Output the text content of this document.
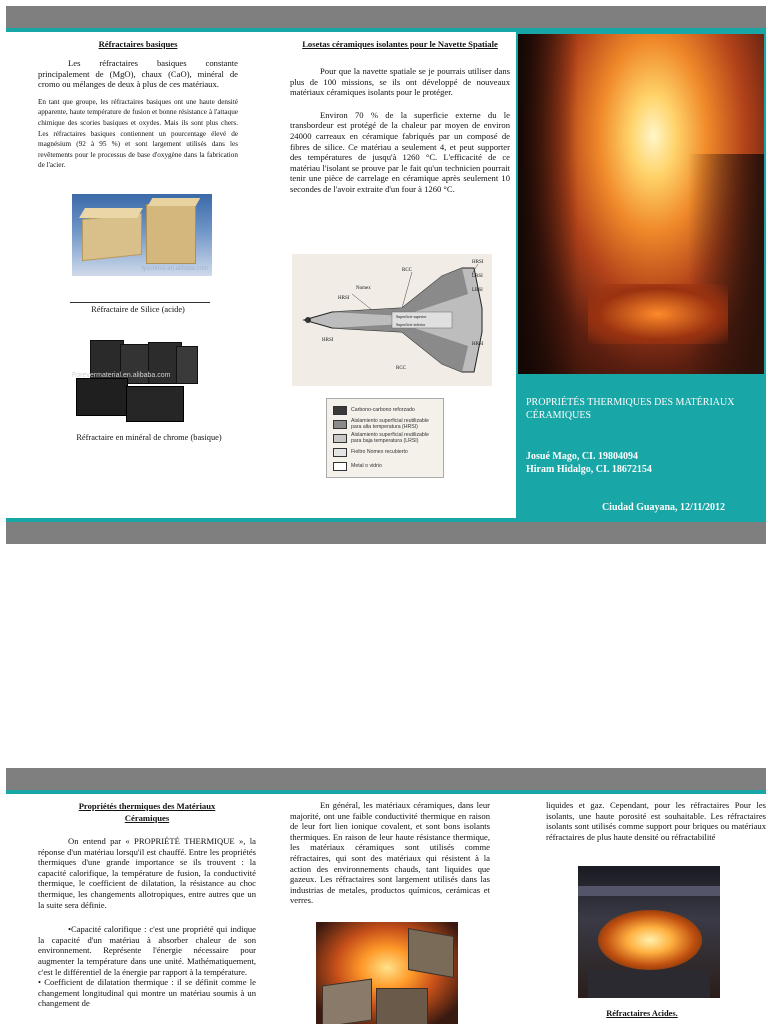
Réfractaires basiques

Les réfractaires basiques constante principalement de (MgO), chaux (CaO), minéral de cromo ou mélanges de deux à plus de ces matériaux.

En tant que groupe, les réfractaires basiques ont une haute densité apparente, haute température de fusion et bonne résistance à l'attaque chimique des scories basiques et oxydes. Mais ils sont plus chers. Les réfractaires basiques contiennent un pourcentage élevé de magnésium (92 à 95 %) et sont largement utilisés dans les revêtements pour le processus de base d'oxygène dans la fabrication de l'acier.

tysunrise.en.alibaba.com
Réfractaire de Silice (acide)
Forevermaterial.en.alibaba.com
Réfractaire en minéral de chrome (basique)
Losetas céramiques isolantes pour le Navette Spatiale

Pour que la navette spatiale se je pourrais utiliser dans plus de 100 missions, se ils ont développé de nouveaux matériaux céramiques isolants pour le protéger.

Environ 70 % de la superficie externe du le transbordeur est protégé de la chaleur par moyen de environ 24000 carreaux en céramique fabriqués par un composé de fibres de silice. Ce matériau a seulement 4, et peut supporter des températures de jusqu'à 1260 °C. L'efficacité de ce matériau l'isolant se prouve par le fait qu'un technicien pourrait tenir une pièce de carrelage en céramique après seulement 10 secondes de l'avoir extraite d'un four à 1260 °C.

RCC
HRSI
LRSI
Nomex
HRSI
LRSI
Superficie superior
Superficie inferior
HRSI
RCC
HRSI
Carbono-carbono reforzado
Aislamiento superficial reutilizable para alta temperatura (HRSI)
Aislamiento superficial reutilizable para baja temperatura (LRSI)
Fieltro Nomex recubierto
Metal o vidrio
PROPRIÉTÉS THERMIQUES DES MATÉRIAUX CÉRAMIQUES
Josué Mago, CI. 19804094
Hiram Hidalgo, CI. 18672154
Ciudad Guayana, 12/11/2012
Propriétés thermiques des Matériaux Céramiques

On entend par « PROPRIÉTÉ THERMIQUE », la réponse d'un matériau lorsqu'il est chauffé. Entre les propriétés thermiques d'une grande importance se ils trouvent : la capacité calorifique, la température de fusion, la conductivité thermique, le coefficient de dilatation, la résistance au choc thermique, les changements allotropiques, entre autres que un la suite sera définie.

•Capacité calorifique : c'est une propriété qui indique la capacité d'un matériau à absorber chaleur de son environnement. Représente l'énergie nécessaire pour augmenter la température dans une unité. Mathématiquement, c'est le différentiel de la énergie par rapport à la température.

• Coefficient de dilatation thermique : il se définit comme le changement longitudinal qui montre un matériau soumis à un changement de

En général, les matériaux céramiques, dans leur majorité, ont une faible conductivité thermique en raison de leur fort lien ionique covalent, et sont bons isolants thermiques. En raison de leur haute résistance thermique, les matériaux céramiques sont utilisés comme réfractaires, qui sont des matériaux qui résistent à la action des environnements chauds, tant liquides que gazeux. Les réfractaires sont largement utilisés dans las industrias de metales, productos químicos, cerámicas et verres.

liquides et gaz. Cependant, pour les réfractaires Pour les isolants, une haute porosité est souhaitable. Les réfractaires isolants sont utilisés comme support pour briques ou matériaux réfractaires de plus haute densité ou réfractabilité

Réfractaires Acides.
